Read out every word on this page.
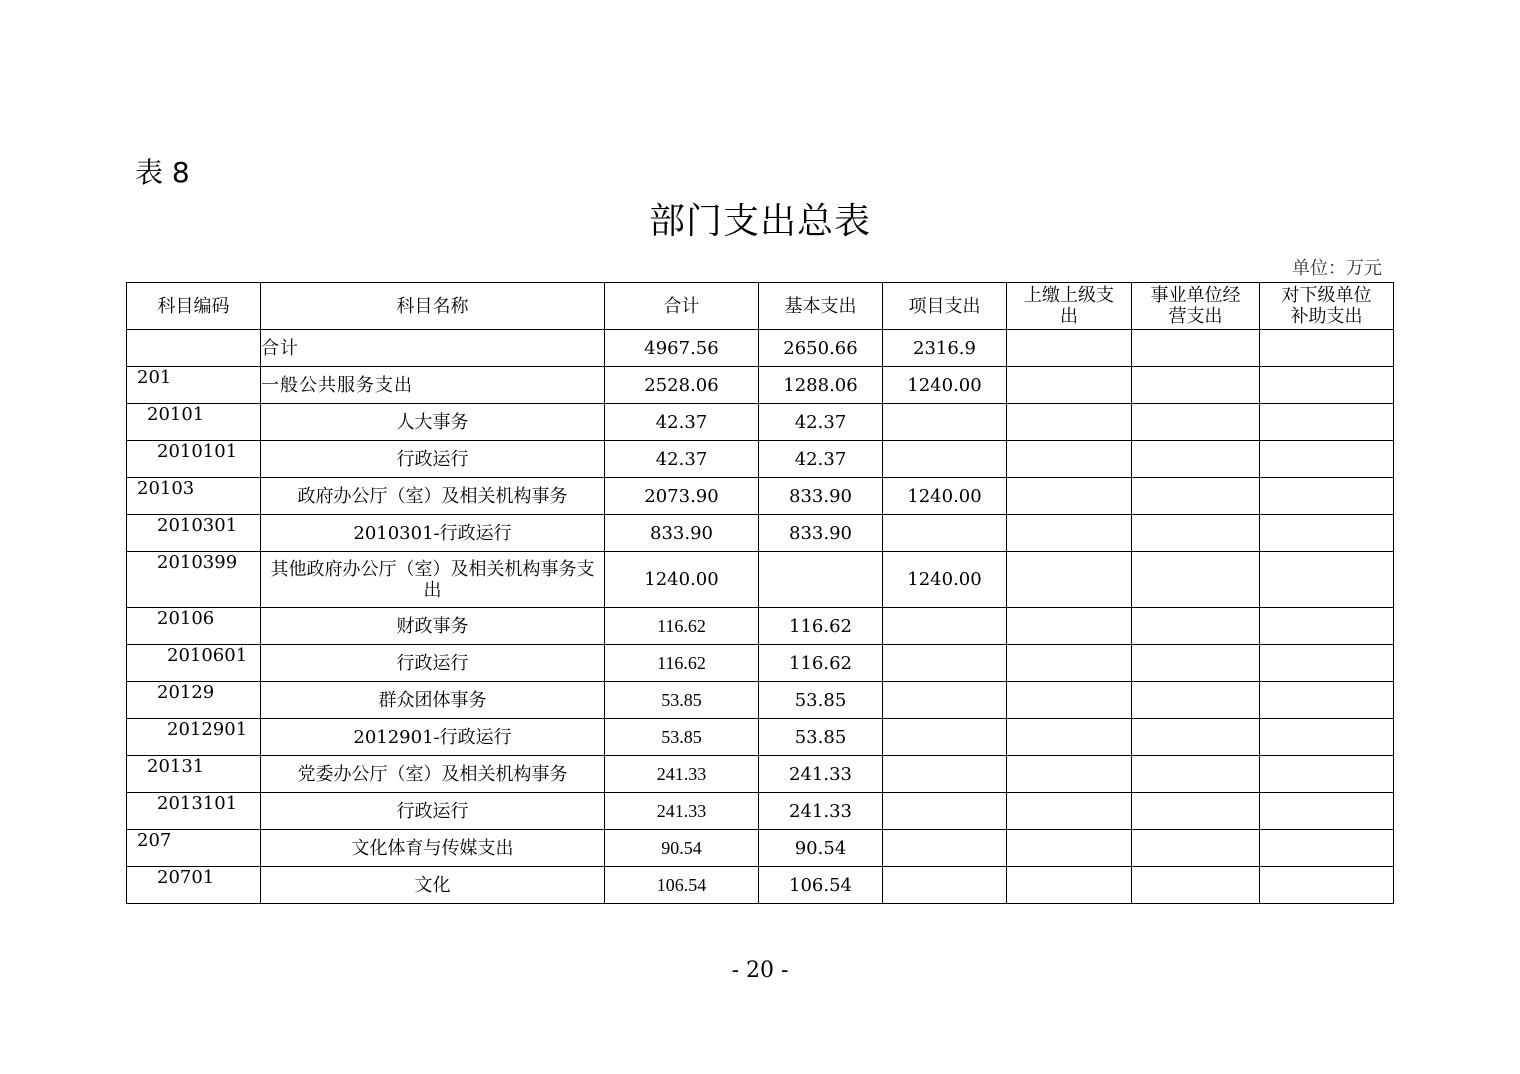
表 8
部门支出总表
单位：万元
科目编码	科目名称	合计	基本支出	项目支出	上缴上级支出	事业单位经营支出	对下级单位补助支出

	合计	4967.56	2650.66	2316.9			

201	一般公共服务支出	2528.06	1288.06	1240.00			

20101	人大事务	42.37	42.37				

2010101	行政运行	42.37	42.37				

20103	政府办公厅（室）及相关机构事务	2073.90	833.90	1240.00			

2010301	2010301-行政运行	833.90	833.90				

2010399	其他政府办公厅（室）及相关机构事务支出	1240.00		1240.00			

20106	财政事务	116.62	116.62				

2010601	行政运行	116.62	116.62				

20129	群众团体事务	53.85	53.85				

2012901	2012901-行政运行	53.85	53.85				

20131	党委办公厅（室）及相关机构事务	241.33	241.33				

2013101	行政运行	241.33	241.33				

207	文化体育与传媒支出	90.54	90.54				

20701	文化	106.54	106.54				
- 20 -
